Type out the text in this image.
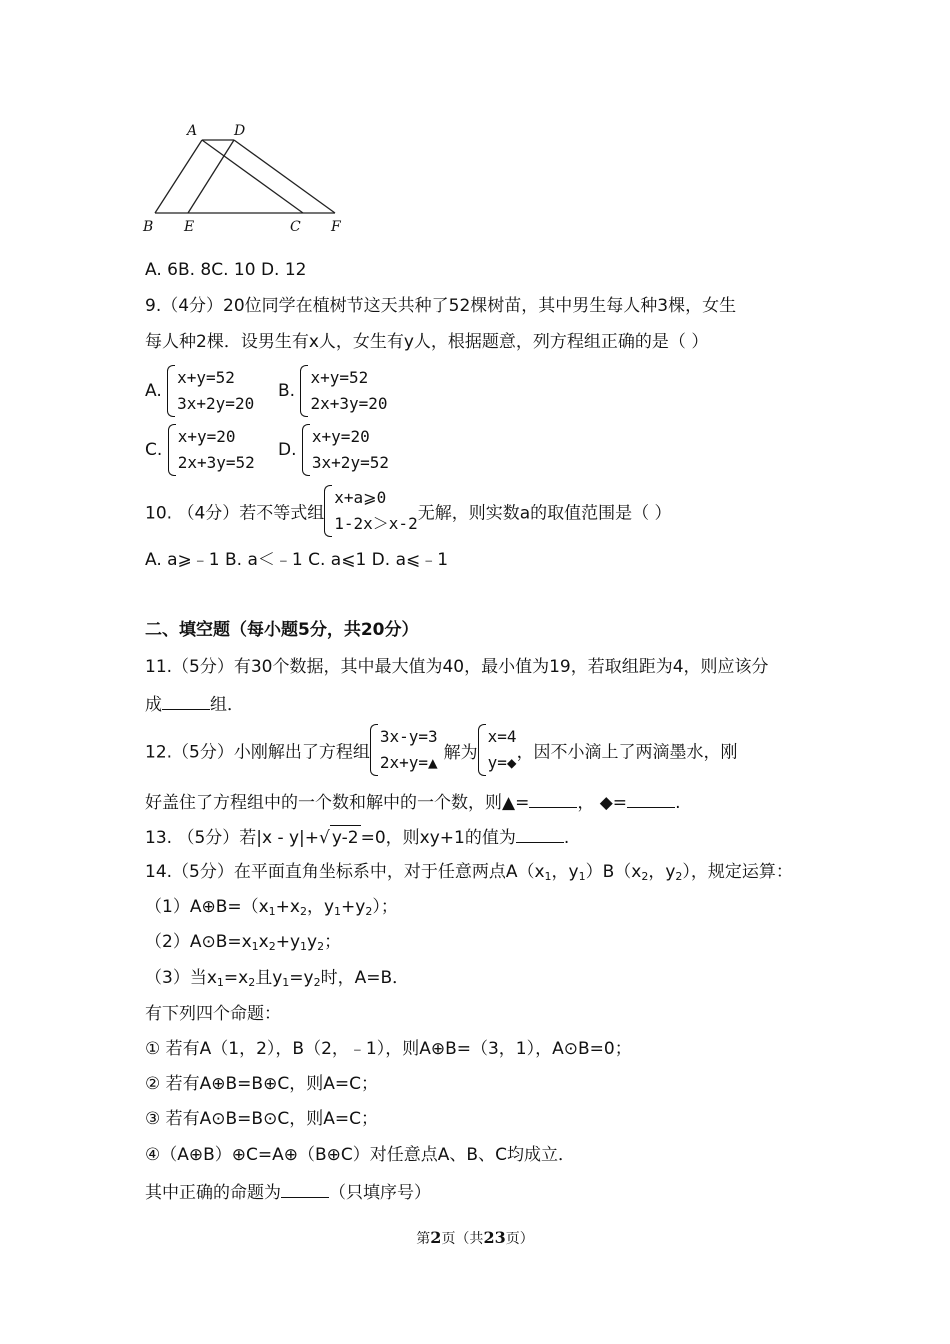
A	D
B E	C F
A. 6B. 8C. 10 D. 12
9.（4分）20位同学在植树节这天共种了52棵树苗，其中男生每人种3棵，女生
每人种2棵．设男生有x人，女生有y人，根据题意，列方程组正确的是（ ）
A.
x+y=52
3x+2y=20
B.
x+y=52
2x+3y=20
C.
x+y=20
2x+3y=52
D.
x+y=20
3x+2y=52
10. （4分）若不等式组
x+a⩾0
1-2x＞x-2 无解，则实数a的取值范围是（ ）
A. a⩾﹣1 B. a＜﹣1 C. a⩽1 D. a⩽﹣1
二、填空题（每小题5分，共20分）
11.（5分）有30个数据，其中最大值为40，最小值为19，若取组距为4，则应该分
成	组．
12.（5分）小刚解出了方程组
3x-y=3
2x+y=▲ 解为
x=4
y=◆ ，因不小滴上了两滴墨水，刚
好盖住了方程组中的一个数和解中的一个数，则▲=	， ◆=	.
13. （5分）若|x - y|+√ y-2 =0，则xy+1的值为	.
14.（5分）在平面直角坐标系中，对于任意两点$A(x_1$，$y_1)B(x_2$，$y_2$），规定运算：
$(1)A\oplus B=(x_1+x_2$，$y_1+y_2$）；
$(2)A⊙B=x_1x_2+y_1y_2$；
（3）当$x_1=x_2$且$y_1=y_2$时，A=B．
有下列四个命题：
① 若有A（1，2），B（2，﹣1），则A⊕B=（3，1），A⊙B=0；
② 若有A⊕B=B⊕C，则A=C；
③ 若有A⊙B=B⊙C，则A=C；
④（A⊕B）⊕C=A⊕（B⊕C）对任意点A、B、C均成立．
其中正确的命题为	（只填序号）
第2页（共23页）
